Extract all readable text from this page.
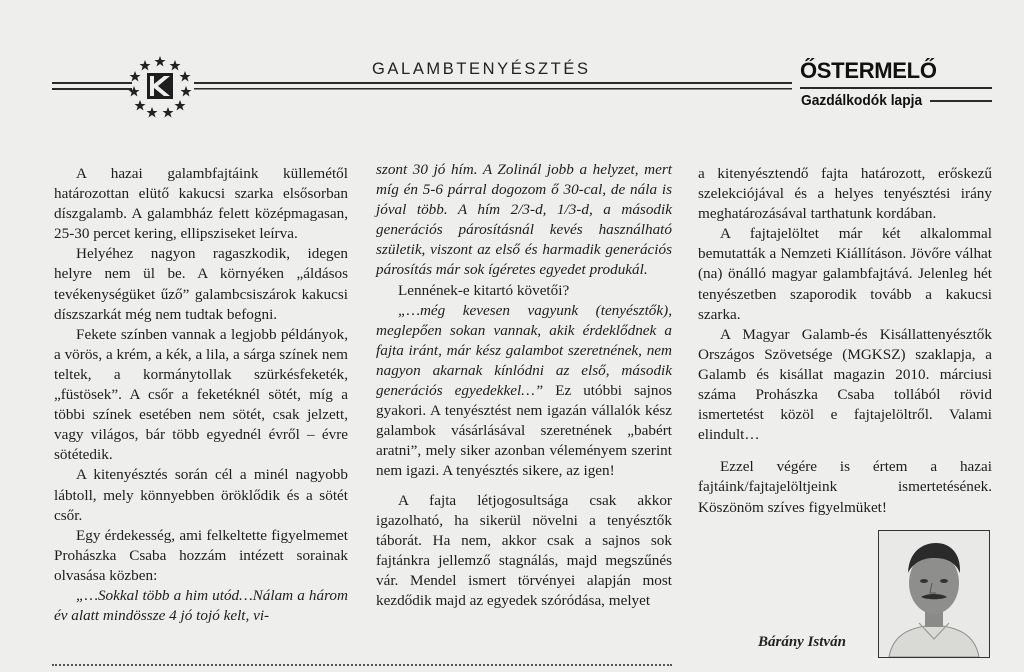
GALAMBTENYÉSZTÉS	ŐSTERMELŐ
Gazdálkodók lapja

A hazai galambfajtáink küllemétől határozottan elütő kakucsi szarka elsősorban díszgalamb. A galambház felett középmagasan, 25-30 percet kering, ellipsziseket leírva.

Helyéhez nagyon ragaszkodik, idegen helyre nem ül be. A környéken „áldásos tevékenységüket űző” galambcsiszárok kakucsi díszszarkát még nem tudtak befogni.

Fekete színben vannak a legjobb példányok, a vörös, a krém, a kék, a lila, a sárga színek nem teltek, a kormánytollak szürkésfeketék, „füstösek”. A csőr a feketéknél sötét, míg a többi színek esetében nem sötét, csak jelzett, vagy világos, bár több egyednél évről – évre sötétedik.

A kitenyésztés során cél a minél nagyobb lábtoll, mely könnyebben öröklődik és a sötét csőr.

Egy érdekesség, ami felkeltette figyelmemet Prohászka Csaba hozzám intézett sorainak olvasása közben:

„…Sokkal több a him utód…Nálam a három év alatt mindössze 4 jó tojó kelt, vi-

szont 30 jó hím. A Zolinál jobb a helyzet, mert míg én 5-6 párral dogozom ő 30-cal, de nála is jóval több. A hím 2/3-d, 1/3-d, a második generációs párosításnál kevés használható születik, viszont az első és harmadik generációs párosítás már sok ígéretes egyedet produkál.

Lennének-e kitartó követői?

„…még kevesen vagyunk (tenyésztők), meglepően sokan vannak, akik érdeklődnek a fajta iránt, már kész galambot szeretnének, nem nagyon akarnak kínlódni az első, második generációs egyedekkel…” Ez utóbbi sajnos gyakori. A tenyésztést nem igazán vállalók kész galambok vásárlásával szeretnének „babért aratni”, mely siker azonban véleményem szerint nem igazi. A tenyésztés sikere, az igen!

A fajta létjogosultsága csak akkor igazolható, ha sikerül növelni a tenyésztők táborát. Ha nem, akkor csak a sajnos sok fajtánkra jellemző stagnálás, majd megszűnés vár. Mendel ismert törvényei alapján most kezdődik majd az egyedek szóródása, melyet

a kitenyésztendő fajta határozott, erőskezű szelekciójával és a helyes tenyésztési irány meghatározásával tarthatunk kordában.

A fajtajelöltet már két alkalommal bemutatták a Nemzeti Kiállításon. Jövőre válhat (na) önálló magyar galambfajtává. Jelenleg hét tenyészetben szaporodik tovább a kakucsi szarka.

A Magyar Galamb-és Kisállattenyésztők Országos Szövetsége (MGKSZ) szaklapja, a Galamb és kisállat magazin 2010. márciusi száma Prohászka Csaba tollából rövid ismertetést közöl e fajtajelöltről. Valami elindult…

Ezzel végére is értem a hazai fajtáink/fajtajelöltjeink ismertetésének. Köszönöm szíves figyelmüket!

Bárány István
